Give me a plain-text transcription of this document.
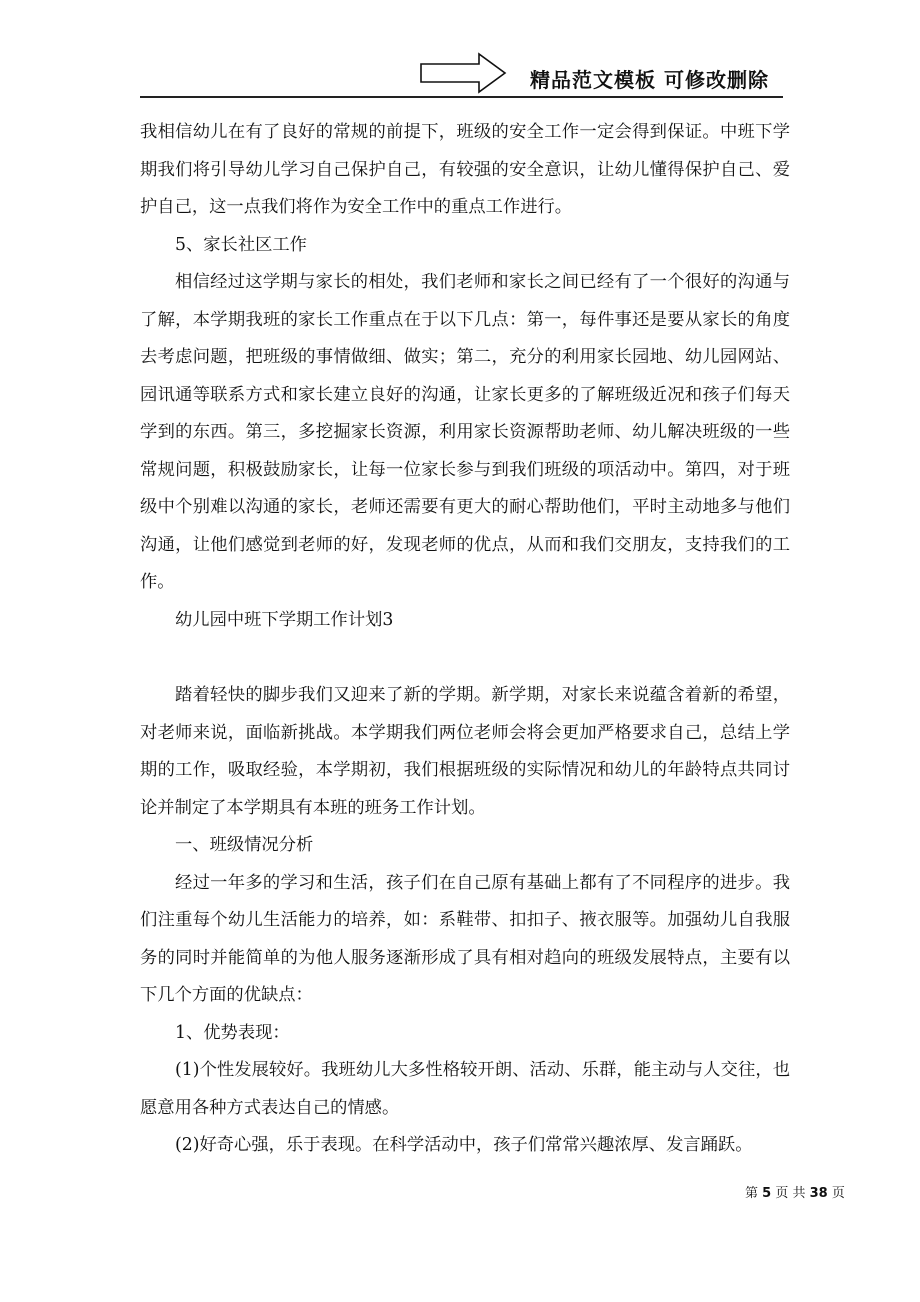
精品范文模板 可修改删除

我相信幼儿在有了良好的常规的前提下，班级的安全工作一定会得到保证。中班下学期我们将引导幼儿学习自己保护自己，有较强的安全意识，让幼儿懂得保护自己、爱护自己，这一点我们将作为安全工作中的重点工作进行。

5、家长社区工作

相信经过这学期与家长的相处，我们老师和家长之间已经有了一个很好的沟通与了解，本学期我班的家长工作重点在于以下几点：第一，每件事还是要从家长的角度去考虑问题，把班级的事情做细、做实；第二，充分的利用家长园地、幼儿园网站、园讯通等联系方式和家长建立良好的沟通，让家长更多的了解班级近况和孩子们每天学到的东西。第三，多挖掘家长资源，利用家长资源帮助老师、幼儿解决班级的一些常规问题，积极鼓励家长，让每一位家长参与到我们班级的项活动中。第四，对于班级中个别难以沟通的家长，老师还需要有更大的耐心帮助他们，平时主动地多与他们沟通，让他们感觉到老师的好，发现老师的优点，从而和我们交朋友，支持我们的工作。

幼儿园中班下学期工作计划3

踏着轻快的脚步我们又迎来了新的学期。新学期，对家长来说蕴含着新的希望，对老师来说，面临新挑战。本学期我们两位老师会将会更加严格要求自己，总结上学期的工作，吸取经验，本学期初，我们根据班级的实际情况和幼儿的年龄特点共同讨论并制定了本学期具有本班的班务工作计划。

一、班级情况分析

经过一年多的学习和生活，孩子们在自己原有基础上都有了不同程序的进步。我们注重每个幼儿生活能力的培养，如：系鞋带、扣扣子、掖衣服等。加强幼儿自我服务的同时并能简单的为他人服务逐渐形成了具有相对趋向的班级发展特点，主要有以下几个方面的优缺点：

1、优势表现：

(1)个性发展较好。我班幼儿大多性格较开朗、活动、乐群，能主动与人交往，也愿意用各种方式表达自己的情感。

(2)好奇心强，乐于表现。在科学活动中，孩子们常常兴趣浓厚、发言踊跃。

第 5 页 共 38 页
